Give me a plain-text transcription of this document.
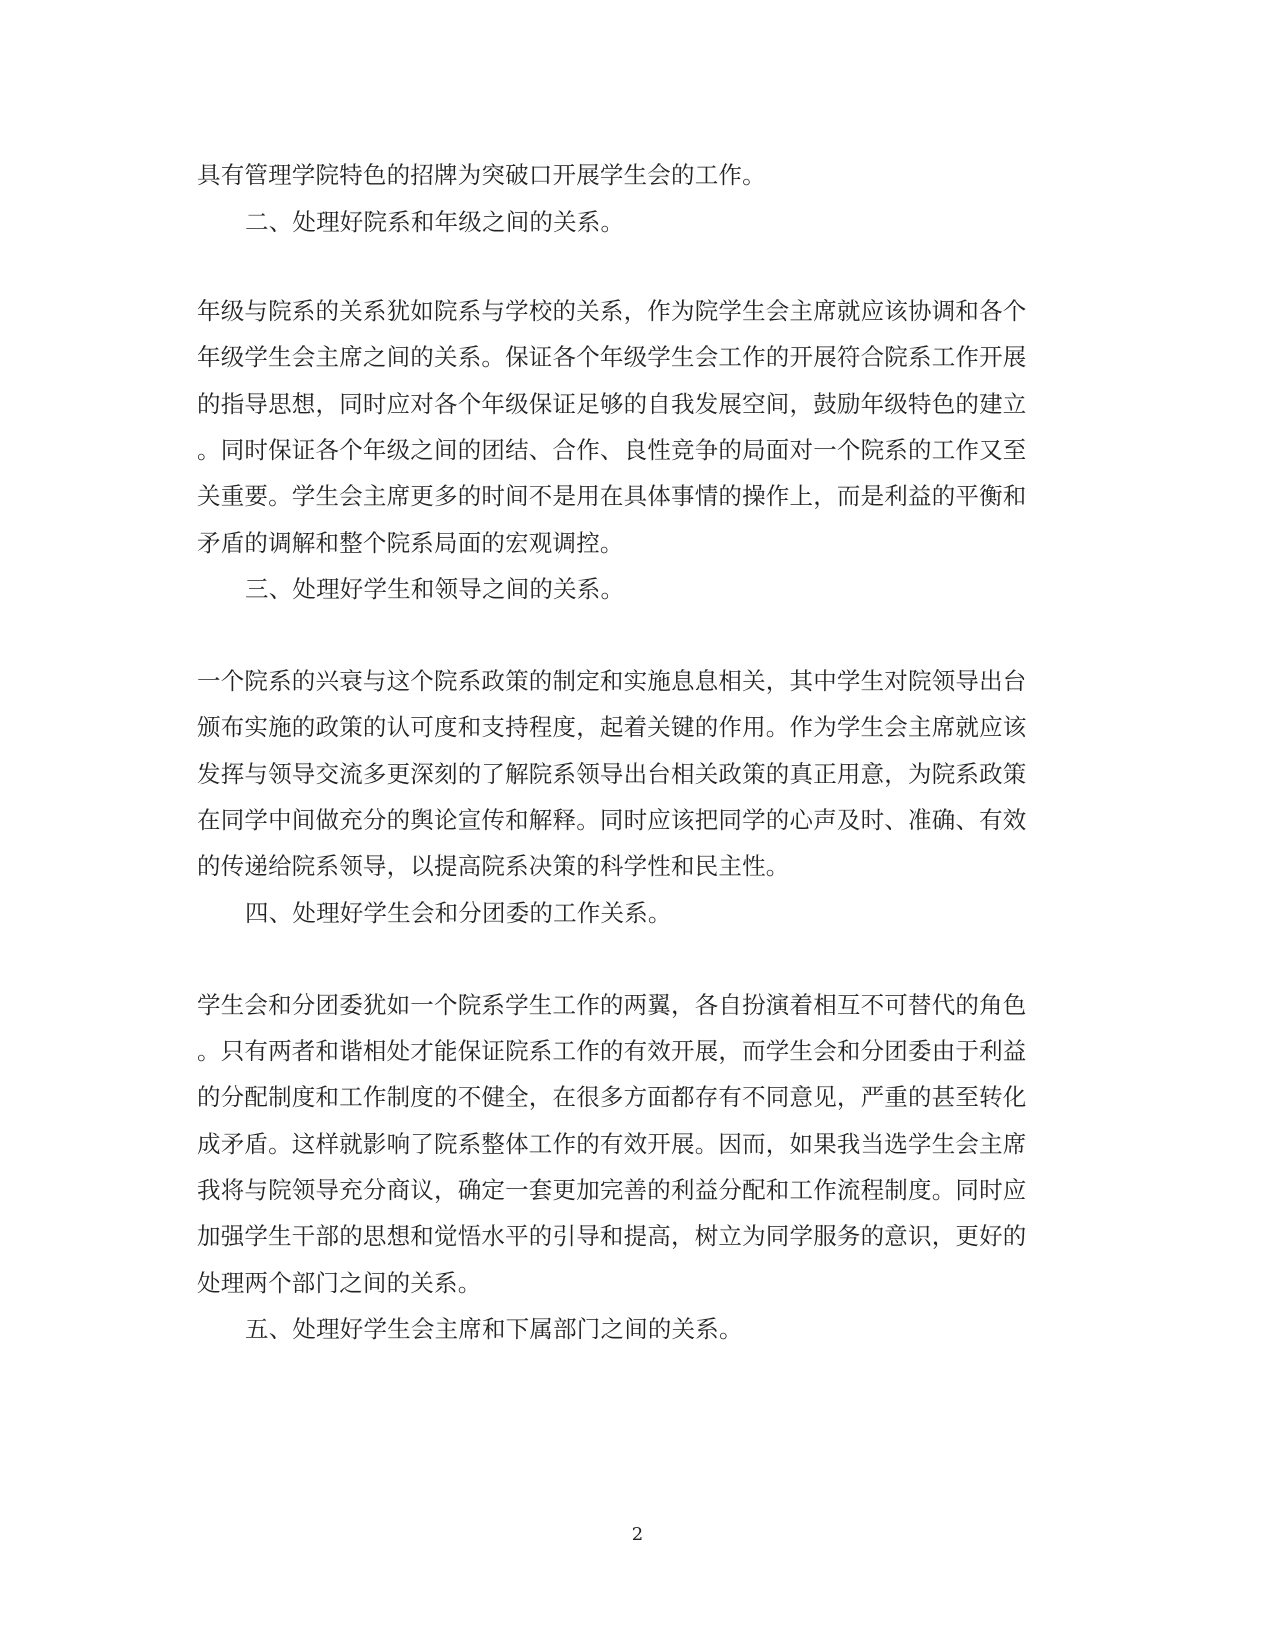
具有管理学院特色的招牌为突破口开展学生会的工作。
二、处理好院系和年级之间的关系。
年级与院系的关系犹如院系与学校的关系，作为院学生会主席就应该协调和各个
年级学生会主席之间的关系。保证各个年级学生会工作的开展符合院系工作开展
的指导思想，同时应对各个年级保证足够的自我发展空间，鼓励年级特色的建立
。同时保证各个年级之间的团结、合作、良性竞争的局面对一个院系的工作又至
关重要。学生会主席更多的时间不是用在具体事情的操作上，而是利益的平衡和
矛盾的调解和整个院系局面的宏观调控。
三、处理好学生和领导之间的关系。
一个院系的兴衰与这个院系政策的制定和实施息息相关，其中学生对院领导出台
颁布实施的政策的认可度和支持程度，起着关键的作用。作为学生会主席就应该
发挥与领导交流多更深刻的了解院系领导出台相关政策的真正用意，为院系政策
在同学中间做充分的舆论宣传和解释。同时应该把同学的心声及时、准确、有效
的传递给院系领导，以提高院系决策的科学性和民主性。
四、处理好学生会和分团委的工作关系。
学生会和分团委犹如一个院系学生工作的两翼，各自扮演着相互不可替代的角色
。只有两者和谐相处才能保证院系工作的有效开展，而学生会和分团委由于利益
的分配制度和工作制度的不健全，在很多方面都存有不同意见，严重的甚至转化
成矛盾。这样就影响了院系整体工作的有效开展。因而，如果我当选学生会主席
我将与院领导充分商议，确定一套更加完善的利益分配和工作流程制度。同时应
加强学生干部的思想和觉悟水平的引导和提高，树立为同学服务的意识，更好的
处理两个部门之间的关系。
五、处理好学生会主席和下属部门之间的关系。
2
